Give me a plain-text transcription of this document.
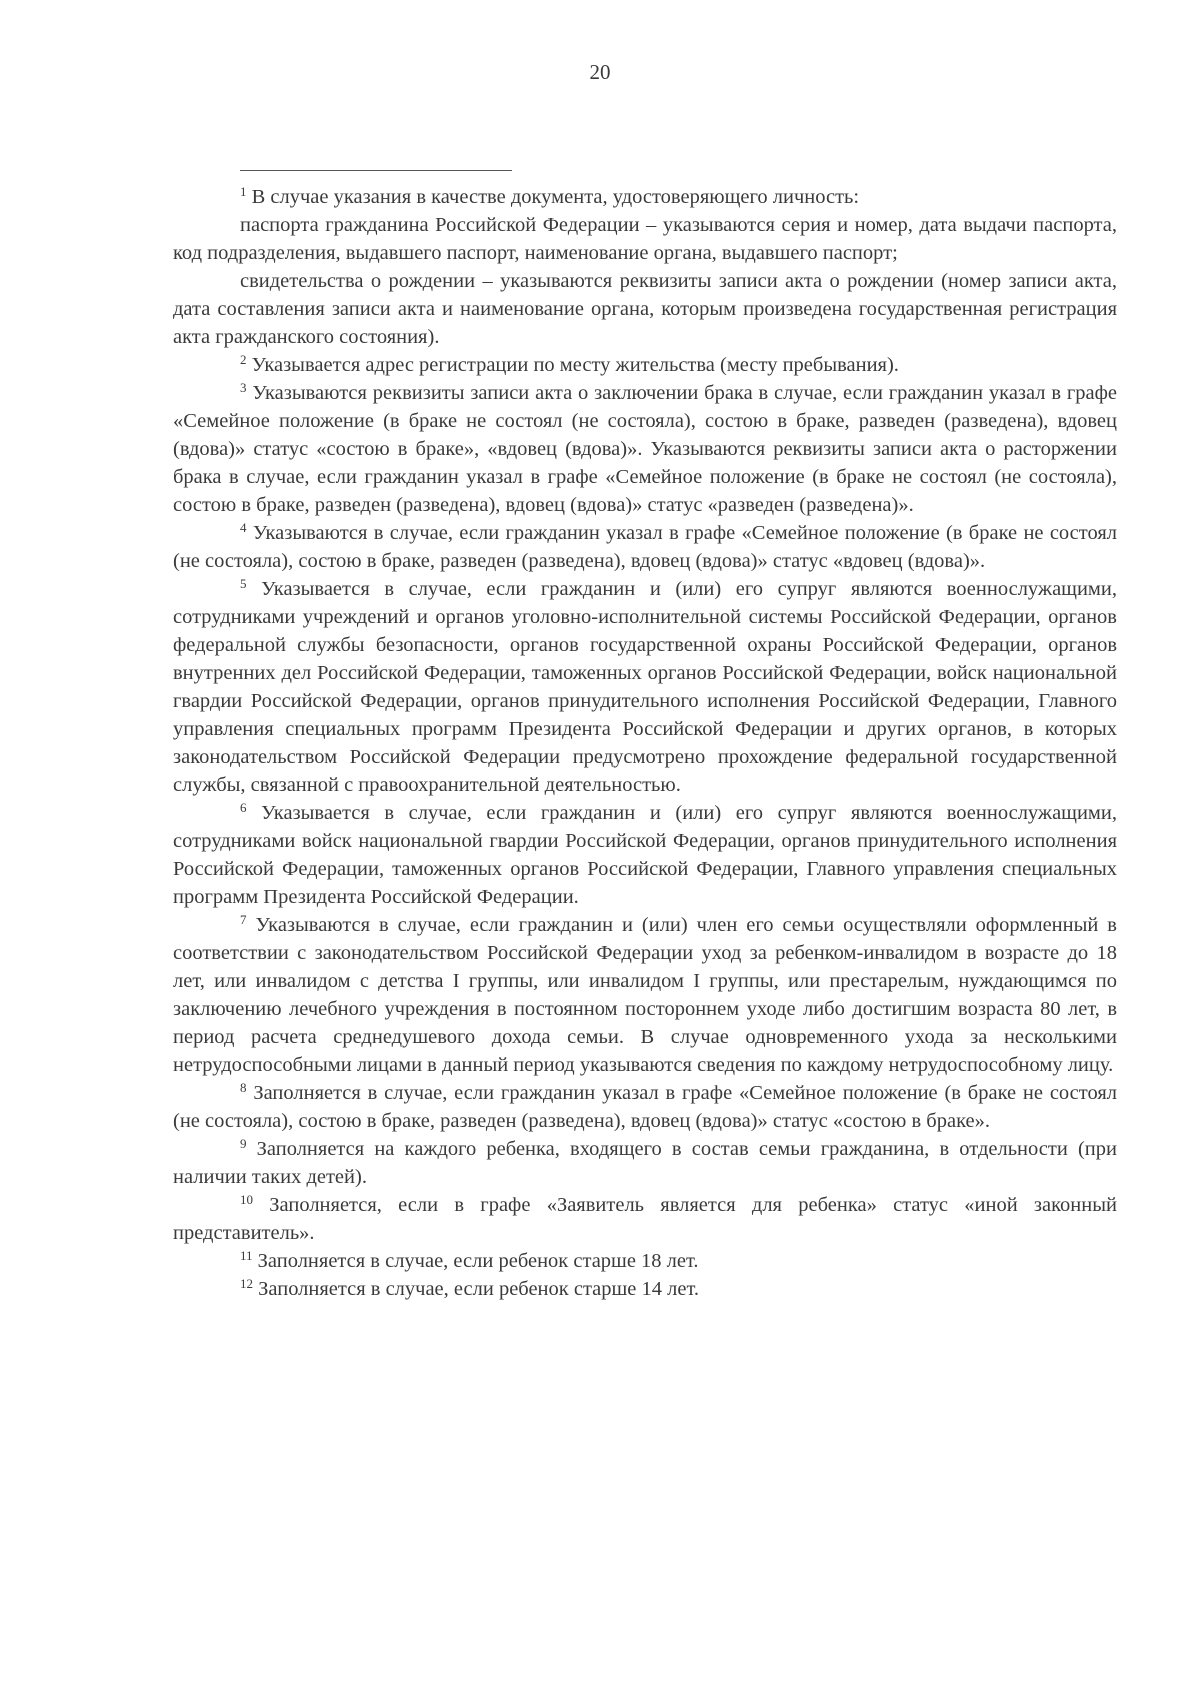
20

$^1$ В случае указания в качестве документа, удостоверяющего личность:

паспорта гражданина Российской Федерации – указываются серия и номер, дата выдачи паспорта, код подразделения, выдавшего паспорт, наименование органа, выдавшего паспорт;

свидетельства о рождении – указываются реквизиты записи акта о рождении (номер записи акта, дата составления записи акта и наименование органа, которым произведена государственная регистрация акта гражданского состояния).

$^2$ Указывается адрес регистрации по месту жительства (месту пребывания).

$^3$ Указываются реквизиты записи акта о заключении брака в случае, если гражданин указал в графе «Семейное положение (в браке не состоял (не состояла), состою в браке, разведен (разведена), вдовец (вдова)» статус «состою в браке», «вдовец (вдова)». Указываются реквизиты записи акта о расторжении брака в случае, если гражданин указал в графе «Семейное положение (в браке не состоял (не состояла), состою в браке, разведен (разведена), вдовец (вдова)» статус «разведен (разведена)».

$^4$ Указываются в случае, если гражданин указал в графе «Семейное положение (в браке не состоял (не состояла), состою в браке, разведен (разведена), вдовец (вдова)» статус «вдовец (вдова)».

$^5$ Указывается в случае, если гражданин и (или) его супруг являются военнослужащими, сотрудниками учреждений и органов уголовно-исполнительной системы Российской Федерации, органов федеральной службы безопасности, органов государственной охраны Российской Федерации, органов внутренних дел Российской Федерации, таможенных органов Российской Федерации, войск национальной гвардии Российской Федерации, органов принудительного исполнения Российской Федерации, Главного управления специальных программ Президента Российской Федерации и других органов, в которых законодательством Российской Федерации предусмотрено прохождение федеральной государственной службы, связанной с правоохранительной деятельностью.

$^6$ Указывается в случае, если гражданин и (или) его супруг являются военнослужащими, сотрудниками войск национальной гвардии Российской Федерации, органов принудительного исполнения Российской Федерации, таможенных органов Российской Федерации, Главного управления специальных программ Президента Российской Федерации.

$^7$ Указываются в случае, если гражданин и (или) член его семьи осуществляли оформленный в соответствии с законодательством Российской Федерации уход за ребенком-инвалидом в возрасте до 18 лет, или инвалидом с детства I группы, или инвалидом I группы, или престарелым, нуждающимся по заключению лечебного учреждения в постоянном постороннем уходе либо достигшим возраста 80 лет, в период расчета среднедушевого дохода семьи. В случае одновременного ухода за несколькими нетрудоспособными лицами в данный период указываются сведения по каждому нетрудоспособному лицу.

$^8$ Заполняется в случае, если гражданин указал в графе «Семейное положение (в браке не состоял (не состояла), состою в браке, разведен (разведена), вдовец (вдова)» статус «состою в браке».

$^9$ Заполняется на каждого ребенка, входящего в состав семьи гражданина, в отдельности (при наличии таких детей).

$^{10}$ Заполняется, если в графе «Заявитель является для ребенка» статус «иной законный представитель».

$^{11}$ Заполняется в случае, если ребенок старше 18 лет.

$^{12}$ Заполняется в случае, если ребенок старше 14 лет.
